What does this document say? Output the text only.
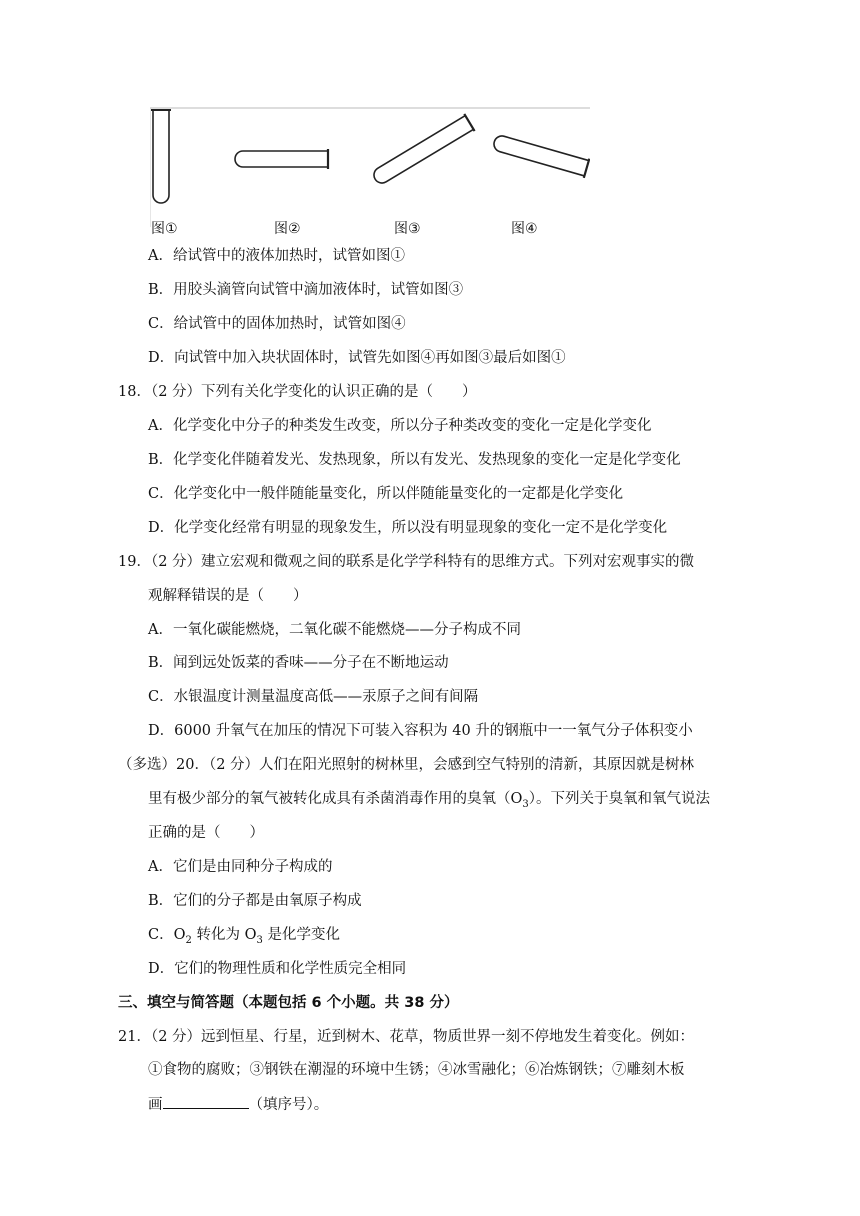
图①	图②	图③	图④
A．给试管中的液体加热时，试管如图①
B．用胶头滴管向试管中滴加液体时，试管如图③
C．给试管中的固体加热时，试管如图④
D．向试管中加入块状固体时，试管先如图④再如图③最后如图①
18．（2 分）下列有关化学变化的认识正确的是（　　）
A．化学变化中分子的种类发生改变，所以分子种类改变的变化一定是化学变化
B．化学变化伴随着发光、发热现象，所以有发光、发热现象的变化一定是化学变化
C．化学变化中一般伴随能量变化，所以伴随能量变化的一定都是化学变化
D．化学变化经常有明显的现象发生，所以没有明显现象的变化一定不是化学变化
19．（2 分）建立宏观和微观之间的联系是化学学科特有的思维方式。下列对宏观事实的微
观解释错误的是（　　）
A．一氧化碳能燃烧，二氧化碳不能燃烧——分子构成不同
B．闻到远处饭菜的香味——分子在不断地运动
C．水银温度计测量温度高低——汞原子之间有间隔
D．6000 升氧气在加压的情况下可装入容积为 40 升的钢瓶中一一氧气分子体积变小
（多选）20．（2 分）人们在阳光照射的树林里，会感到空气特别的清新，其原因就是树林
里有极少部分的氧气被转化成具有杀菌消毒作用的臭氧$(O_3)$。下列关于臭氧和氧气说法
正确的是（　　）
A．它们是由同种分子构成的
B．它们的分子都是由氧原子构成
C．$O_2$ 转化为 $O_3$ 是化学变化
D．它们的物理性质和化学性质完全相同
三、填空与简答题（本题包括 6 个小题。共 38 分）
21．（2 分）远到恒星、行星，近到树木、花草，物质世界一刻不停地发生着变化。例如：
①食物的腐败；③钢铁在潮湿的环境中生锈；④冰雪融化；⑥冶炼钢铁；⑦雕刻木板
画	（填序号）。
